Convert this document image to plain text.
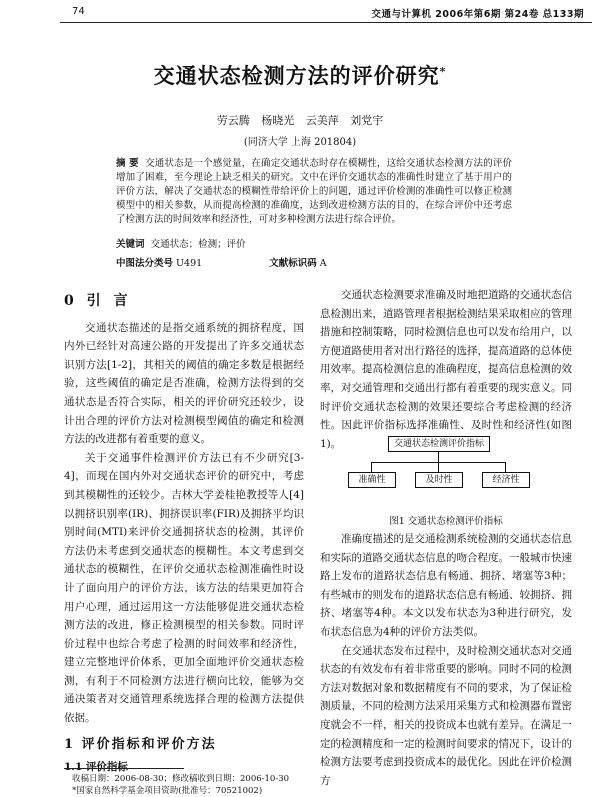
74	交通与计算机 2006年第6期 第24卷 总133期
交通状态检测方法的评价研究*
劳云腾 杨晓光 云美萍 刘党宇
(同济大学 上海 201804)
摘 要 交通状态是一个感觉量，在确定交通状态时存在模糊性，这给交通状态检测方法的评价增加了困难，至今理论上缺乏相关的研究。文中在评价交通状态的准确性时建立了基于用户的评价方法，解决了交通状态的模糊性带给评价上的问题，通过评价检测的准确性可以修正检测模型中的相关参数，从而提高检测的准确度，达到改进检测方法的目的，在综合评价中还考虑了检测方法的时间效率和经济性，可对多种检测方法进行综合评价。
关键词 交通状态；检测；评价
中图法分类号 U491	文献标识码 A
0 引 言

交通状态描述的是指交通系统的拥挤程度，国内外已经针对高速公路的开发提出了许多交通状态识别方法[1-2]，其相关的阈值的确定多数是根据经验，这些阈值的确定是否准确，检测方法得到的交通状态是否符合实际，相关的评价研究还较少，设计出合理的评价方法对检测模型阈值的确定和检测方法的改进都有着重要的意义。

关于交通事件检测评价方法已有不少研究[3-4]，而现在国内外对交通状态评价的研究中，考虑到其模糊性的还较少。吉林大学姜桂艳教授等人[4]以拥挤识别率(IR)、拥挤误识率(FIR)及拥挤平均识别时间(MTI)来评价交通拥挤状态的检测，其评价方法仍未考虑到交通状态的模糊性。本文考虑到交通状态的模糊性，在评价交通状态检测准确性时设计了面向用户的评价方法，该方法的结果更加符合用户心理，通过运用这一方法能够促进交通状态检测方法的改进，修正检测模型的相关参数。同时评价过程中也综合考虑了检测的时间效率和经济性，建立完整地评价体系，更加全面地评价交通状态检测，有利于不同检测方法进行横向比较，能够为交通决策者对交通管理系统选择合理的检测方法提供依据。

1 评价指标和评价方法
1.1 评价指标

交通状态检测要求准确及时地把道路的交通状态信息检测出来，道路管理者根据检测结果采取相应的管理措施和控制策略，同时检测信息也可以发布给用户，以方便道路使用者对出行路径的选择，提高道路的总体使用效率。提高检测信息的准确程度，提高信息检测的效率，对交通管理和交通出行都有着重要的现实意义。同时评价交通状态检测的效果还要综合考虑检测的经济性。因此评价指标选择准确性、及时性和经济性(如图1)。	交通状态检测评价指标
准确性	及时性	经济性
图1 交通状态检测评价指标

准确度描述的是交通检测系统检测的交通状态信息和实际的道路交通状态信息的吻合程度。一般城市快速路上发布的道路状态信息有畅通、拥挤、堵塞等3种；有些城市的则发布的道路状态信息有畅通、较拥挤、拥挤、堵塞等4种。本文以发布状态为3种进行研究，发布状态信息为4种的评价方法类似。

在交通状态发布过程中，及时检测交通状态对交通状态的有效发布有着非常重要的影响。同时不同的检测方法对数据对象和数据精度有不同的要求，为了保证检测质量，不同的检测方法采用采集方式和检测器布置密度就会不一样，相关的投资成本也就有差异。在满足一定的检测精度和一定的检测时间要求的情况下，设计的检测方法要考虑到投资成本的最优化。因此在评价检测方

收稿日期：2006-08-30；修改稿收到日期：2006-10-30
*国家自然科学基金项目资助(批准号：70521002)
